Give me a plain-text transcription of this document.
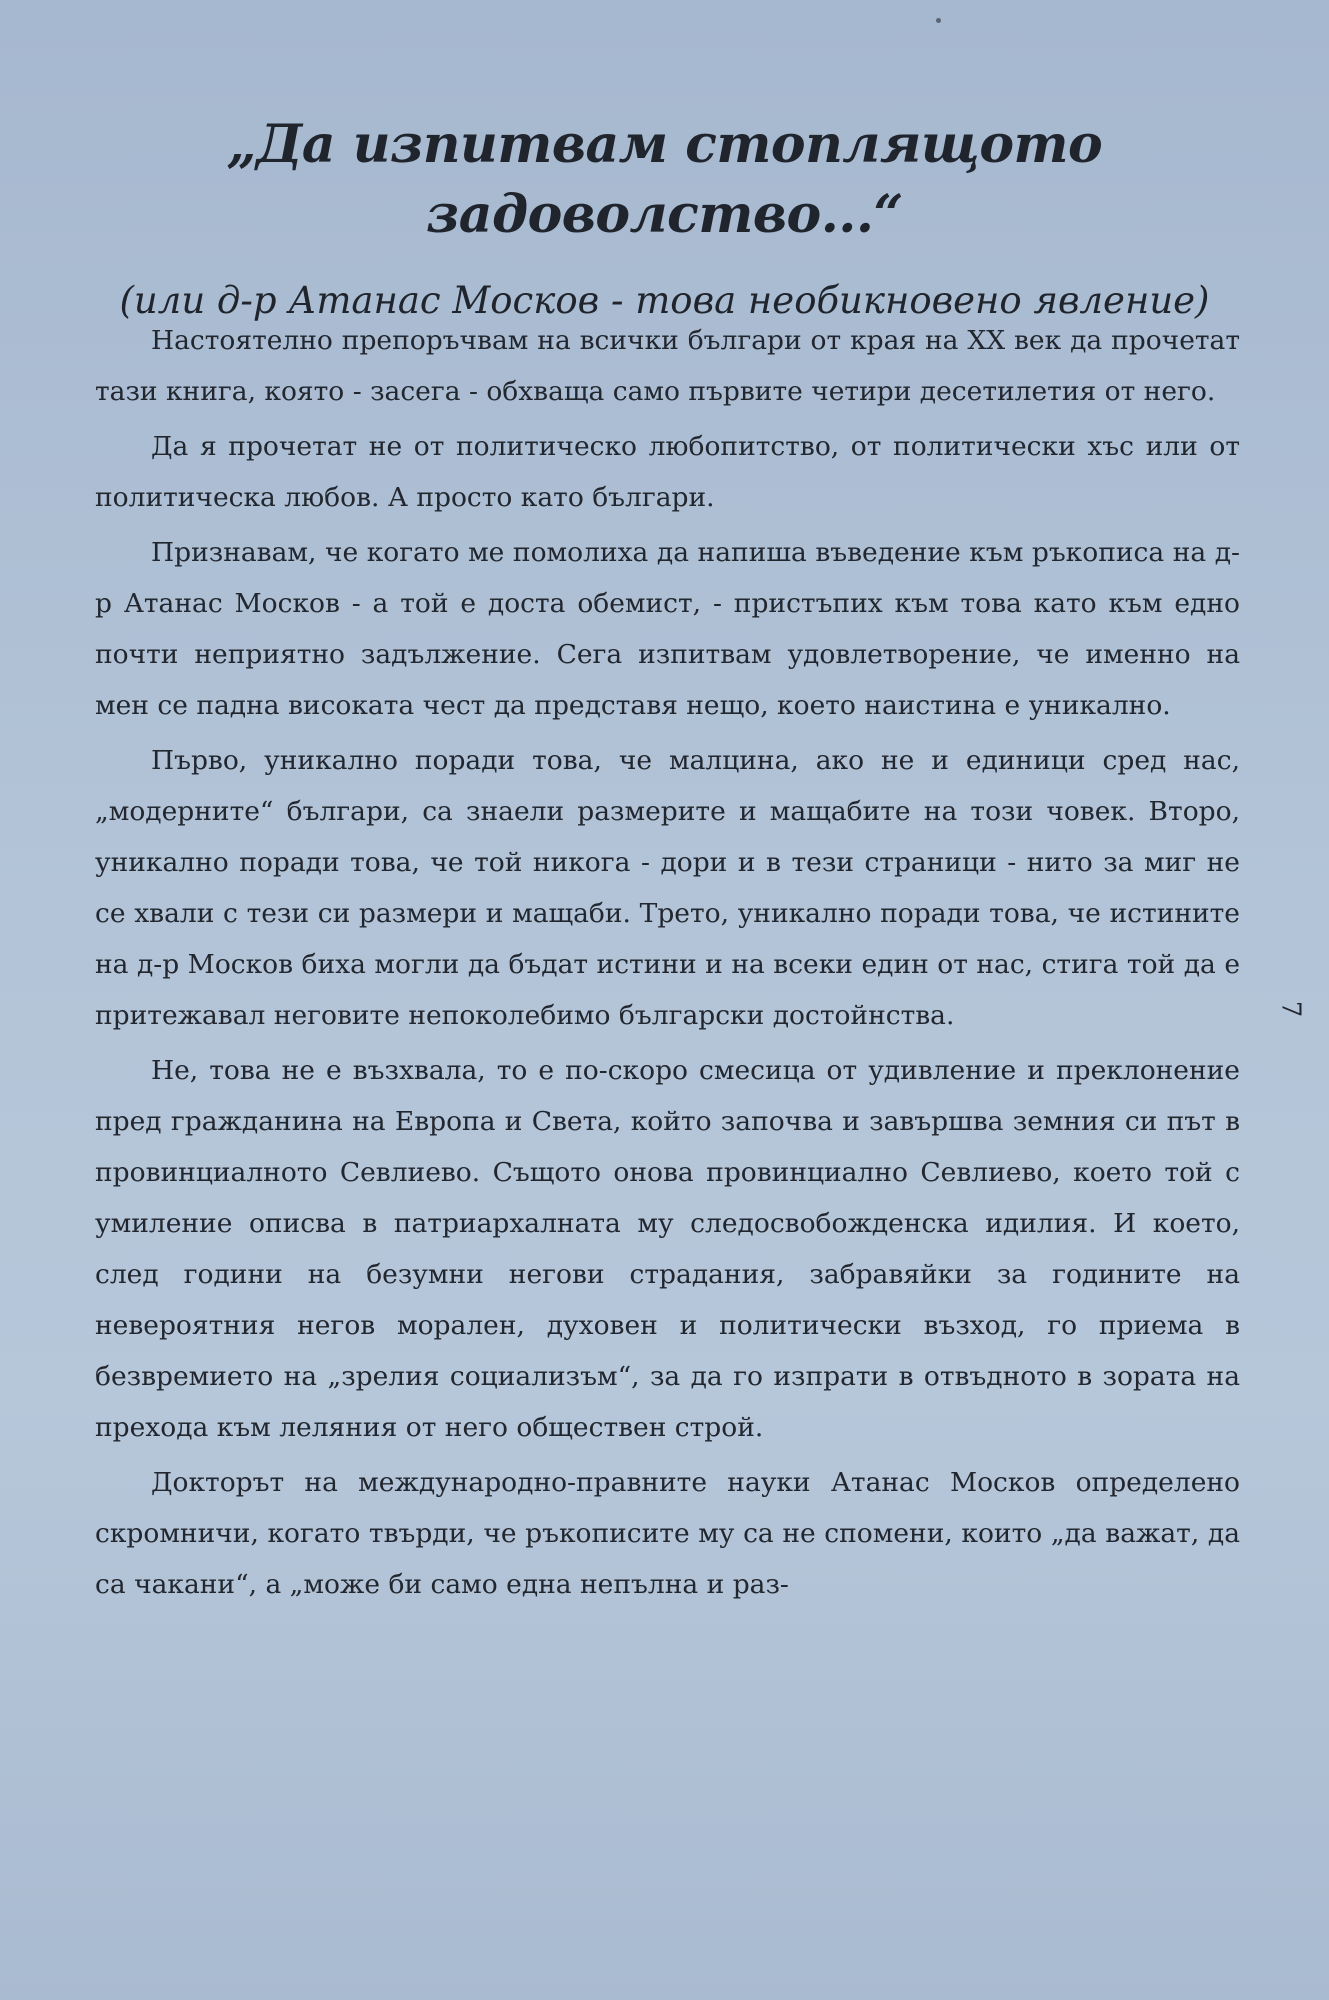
„Да изпитвам стоплящото задоволство...“

(или д-р Атанас Москов - това необикновено явление)

Настоятелно препоръчвам на всички българи от края на XX век да прочетат тази книга, която - засега - обхваща само първите четири десетилетия от него.

Да я прочетат не от политическо любопитство, от политически хъс или от политическа любов. А просто като българи.

Признавам, че когато ме помолиха да напиша въведение към ръкописа на д-р Атанас Москов - а той е доста обемист, - пристъпих към това като към едно почти неприятно задължение. Сега изпитвам удовлетворение, че именно на мен се падна високата чест да представя нещо, което наистина е уникално.

Първо, уникално поради това, че малцина, ако не и единици сред нас, „модерните“ българи, са знаели размерите и мащабите на този човек. Второ, уникално поради това, че той никога - дори и в тези страници - нито за миг не се хвали с тези си размери и мащаби. Трето, уникално поради това, че истините на д-р Москов биха могли да бъдат истини и на всеки един от нас, стига той да е притежавал неговите непоколебимо български достойнства.

Не, това не е възхвала, то е по-скоро смесица от удивление и преклонение пред гражданина на Европа и Света, който започва и завършва земния си път в провинциалното Севлиево. Същото онова провинциално Севлиево, което той с умиление описва в патриархалната му следосвобожденска идилия. И което, след години на безумни негови страдания, забравяйки за годините на невероятния негов морален, духовен и политически възход, го приема в безвремието на „зрелия социализъм“, за да го изпрати в отвъдното в зората на прехода към леляния от него обществен строй.

Докторът на международно-правните науки Атанас Москов определено скромничи, когато твърди, че ръкописите му са не спомени, които „да важат, да са чакани“, а „може би само една непълна и раз-

7
